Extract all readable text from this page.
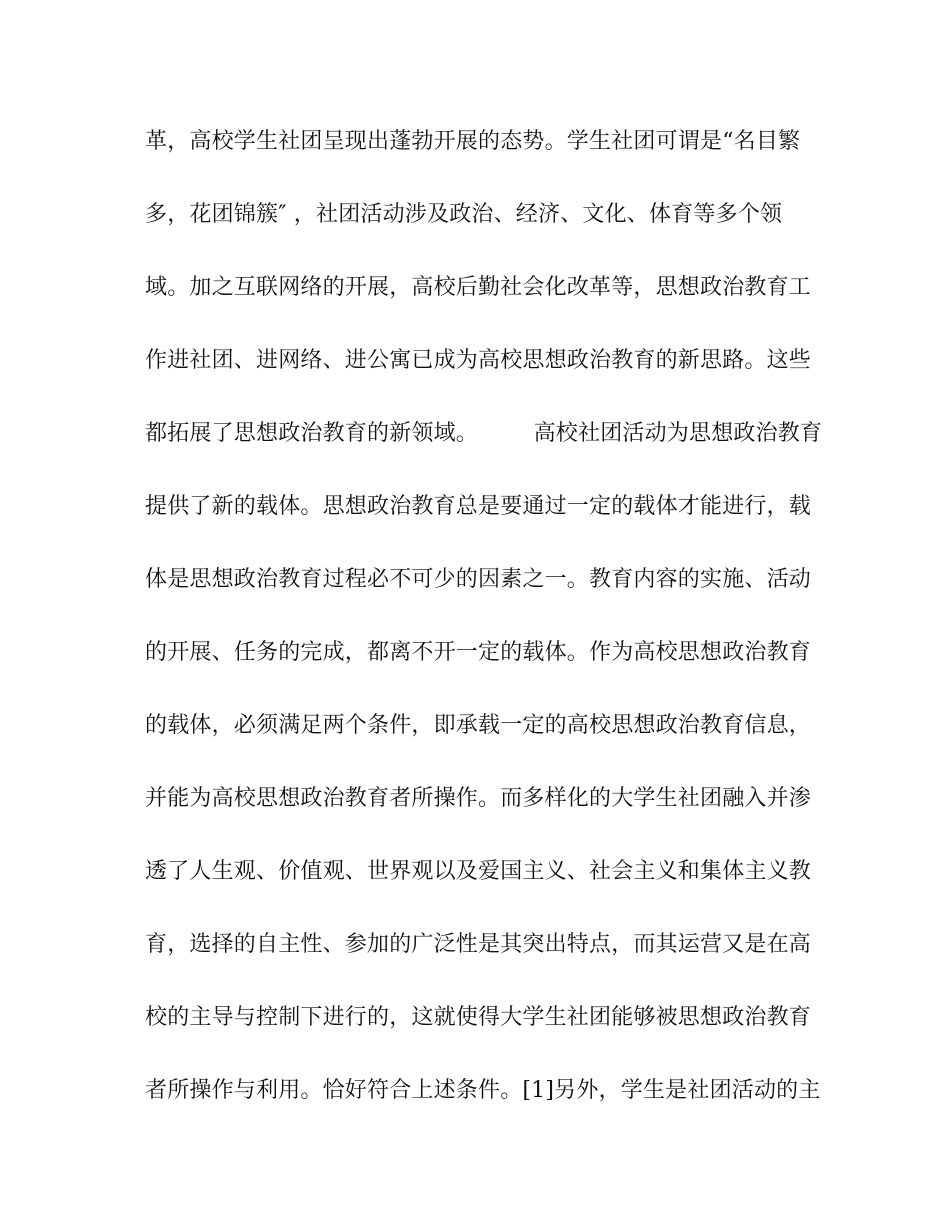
革，高校学生社团呈现出蓬勃开展的态势。学生社团可谓是“名目繁
多，花团锦簇″ ，社团活动涉及政治、经济、文化、体育等多个领
域。加之互联网络的开展，高校后勤社会化改革等，思想政治教育工
作进社团、进网络、进公寓已成为高校思想政治教育的新思路。这些
都拓展了思想政治教育的新领域。　　　高校社团活动为思想政治教育
提供了新的载体。思想政治教育总是要通过一定的载体才能进行，载
体是思想政治教育过程必不可少的因素之一。教育内容的实施、活动
的开展、任务的完成，都离不开一定的载体。作为高校思想政治教育
的载体，必须满足两个条件，即承载一定的高校思想政治教育信息，
并能为高校思想政治教育者所操作。而多样化的大学生社团融入并渗
透了人生观、价值观、世界观以及爱国主义、社会主义和集体主义教
育，选择的自主性、参加的广泛性是其突出特点，而其运营又是在高
校的主导与控制下进行的，这就使得大学生社团能够被思想政治教育
者所操作与利用。恰好符合上述条件。[1]另外，学生是社团活动的主
